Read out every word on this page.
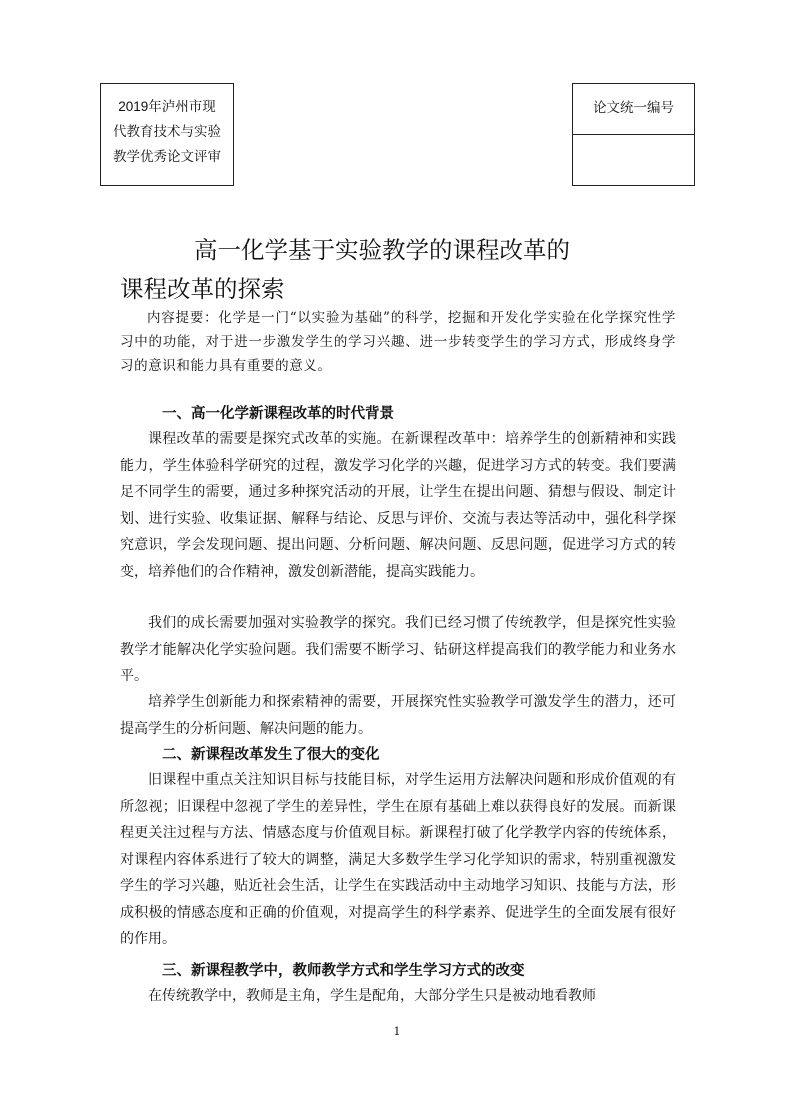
2019年泸州市现
代教育技术与实验
教学优秀论文评审
论文统一编号
高一化学基于实验教学的课程改革的
课程改革的探索

内容提要：化学是一门“以实验为基础”的科学，挖掘和开发化学实验在化学探究性学习中的功能，对于进一步激发学生的学习兴趣、进一步转变学生的学习方式，形成终身学习的意识和能力具有重要的意义。

一、高一化学新课程改革的时代背景

课程改革的需要是探究式改革的实施。在新课程改革中：培养学生的创新精神和实践能力，学生体验科学研究的过程，激发学习化学的兴趣，促进学习方式的转变。我们要满足不同学生的需要，通过多种探究活动的开展，让学生在提出问题、猜想与假设、制定计划、进行实验、收集证据、解释与结论、反思与评价、交流与表达等活动中，强化科学探究意识，学会发现问题、提出问题、分析问题、解决问题、反思问题，促进学习方式的转变，培养他们的合作精神，激发创新潜能，提高实践能力。

我们的成长需要加强对实验教学的探究。我们已经习惯了传统教学，但是探究性实验教学才能解决化学实验问题。我们需要不断学习、钻研这样提高我们的教学能力和业务水平。

培养学生创新能力和探索精神的需要，开展探究性实验教学可激发学生的潜力，还可提高学生的分析问题、解决问题的能力。

二、新课程改革发生了很大的变化

旧课程中重点关注知识目标与技能目标，对学生运用方法解决问题和形成价值观的有所忽视；旧课程中忽视了学生的差异性，学生在原有基础上难以获得良好的发展。而新课程更关注过程与方法、情感态度与价值观目标。新课程打破了化学教学内容的传统体系，对课程内容体系进行了较大的调整，满足大多数学生学习化学知识的需求，特别重视激发学生的学习兴趣，贴近社会生活，让学生在实践活动中主动地学习知识、技能与方法，形成积极的情感态度和正确的价值观，对提高学生的科学素养、促进学生的全面发展有很好的作用。

三、新课程教学中，教师教学方式和学生学习方式的改变

在传统教学中，教师是主角，学生是配角，大部分学生只是被动地看教师

1
